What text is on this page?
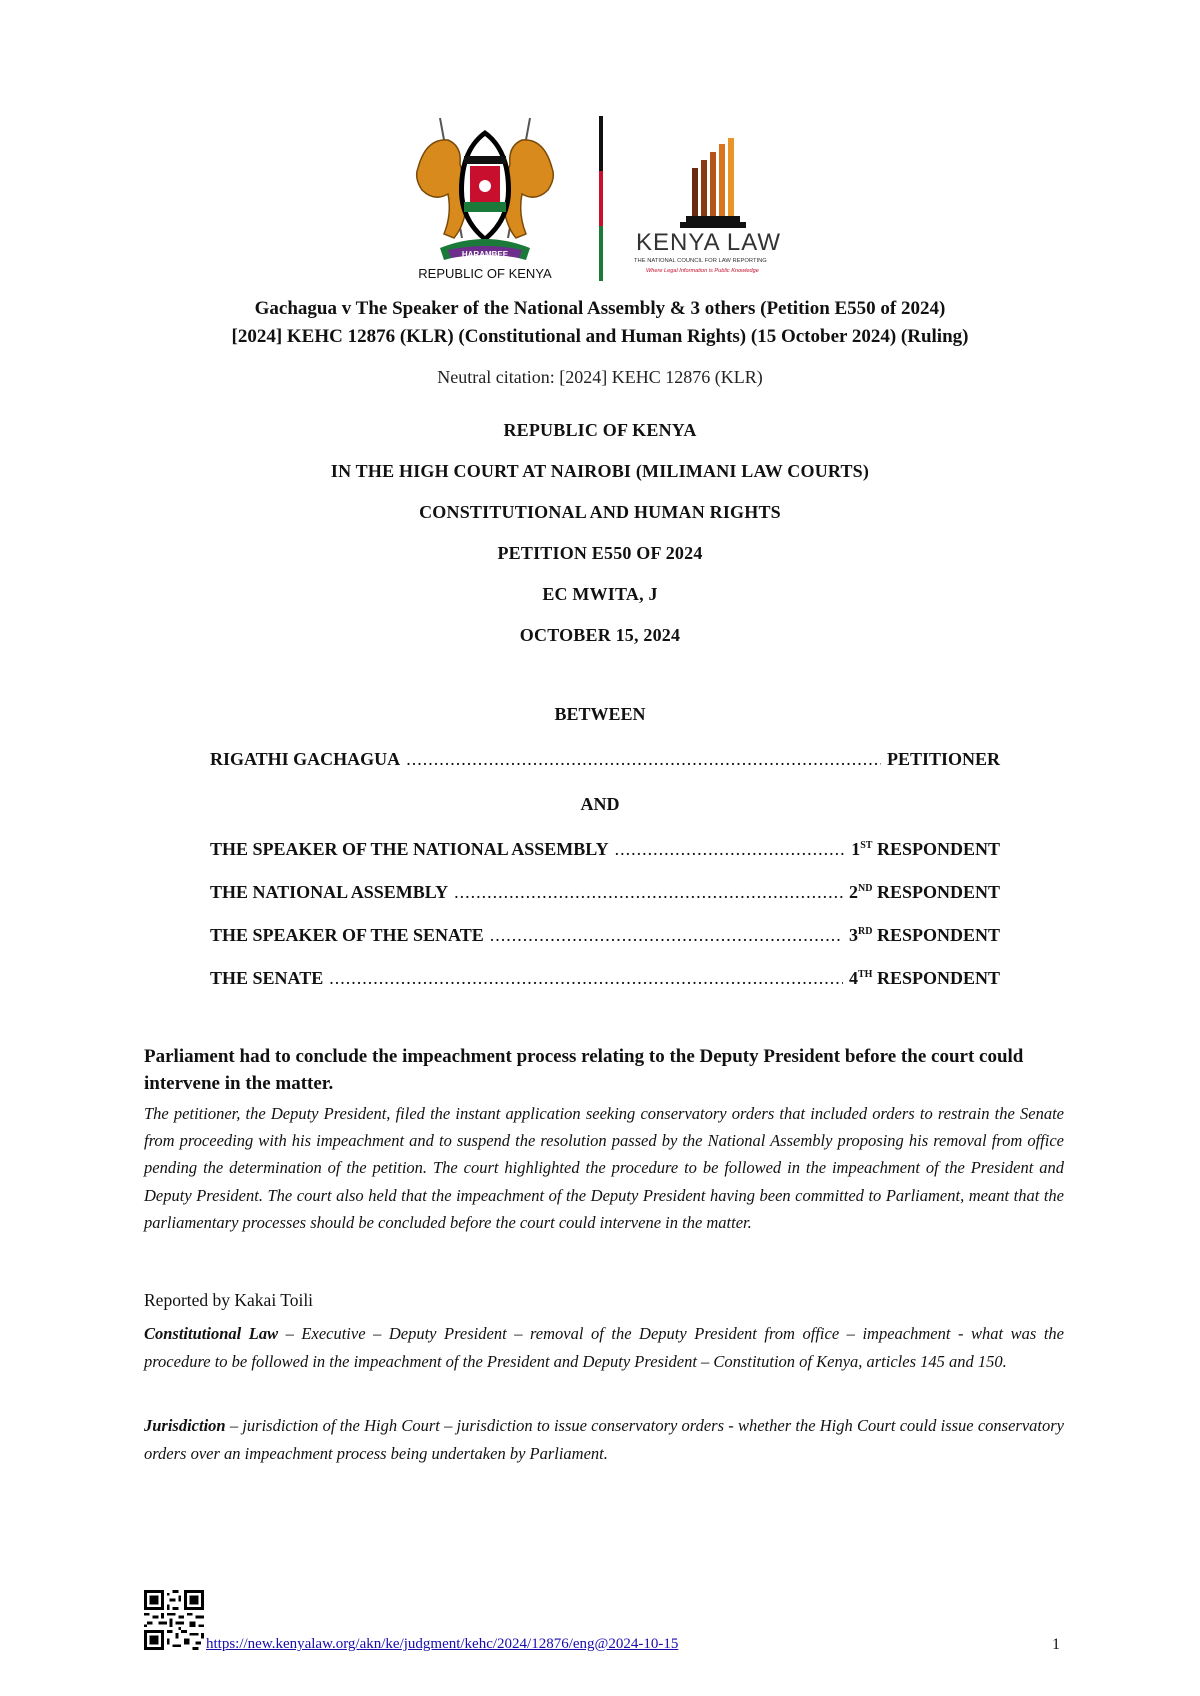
HARAMBEE
REPUBLIC OF KENYA
KENYA LAW
THE NATIONAL COUNCIL FOR LAW REPORTING
Where Legal Information is Public Knowledge
Gachagua v The Speaker of the National Assembly & 3 others (Petition E550 of 2024)
[2024] KEHC 12876 (KLR) (Constitutional and Human Rights) (15 October 2024) (Ruling)
Neutral citation: [2024] KEHC 12876 (KLR)
REPUBLIC OF KENYA
IN THE HIGH COURT AT NAIROBI (MILIMANI LAW COURTS)
CONSTITUTIONAL AND HUMAN RIGHTS
PETITION E550 OF 2024
EC MWITA, J
OCTOBER 15, 2024
BETWEEN
RIGATHI GACHAGUA .....	PETITIONER
AND
THE SPEAKER OF THE NATIONAL ASSEMBLY .....	1ST RESPONDENT
THE NATIONAL ASSEMBLY .....	2ND RESPONDENT
THE SPEAKER OF THE SENATE .....	3RD RESPONDENT
THE SENATE .....	4TH RESPONDENT
Parliament had to conclude the impeachment process relating to the Deputy President before the court could intervene in the matter.
The petitioner, the Deputy President, filed the instant application seeking conservatory orders that included orders to restrain the Senate from proceeding with his impeachment and to suspend the resolution passed by the National Assembly proposing his removal from office pending the determination of the petition. The court highlighted the procedure to be followed in the impeachment of the President and Deputy President. The court also held that the impeachment of the Deputy President having been committed to Parliament, meant that the parliamentary processes should be concluded before the court could intervene in the matter.
Reported by Kakai Toili
Constitutional Law – Executive – Deputy President – removal of the Deputy President from office – impeachment - what was the procedure to be followed in the impeachment of the President and Deputy President – Constitution of Kenya, articles 145 and 150.
Jurisdiction – jurisdiction of the High Court – jurisdiction to issue conservatory orders - whether the High Court could issue conservatory orders over an impeachment process being undertaken by Parliament.
https://new.kenyalaw.org/akn/ke/judgment/kehc/2024/12876/eng@2024-10-15	1
